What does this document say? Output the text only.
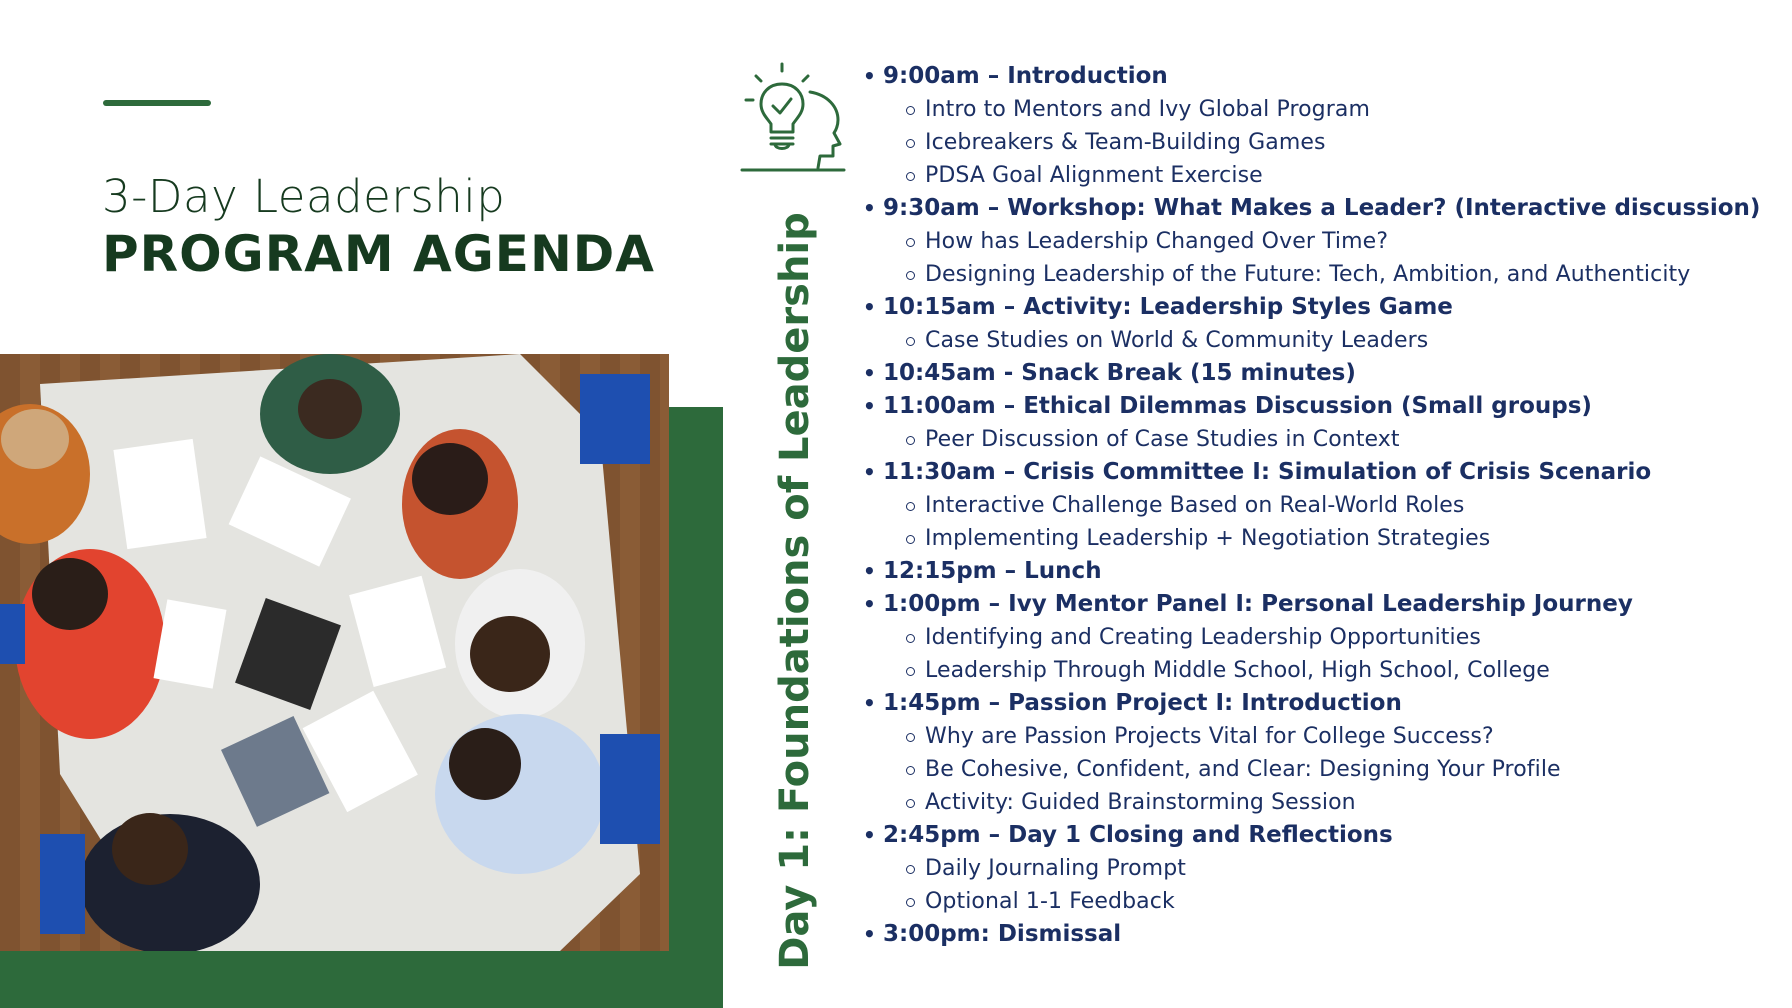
3-Day Leadership
PROGRAM AGENDA	Day 1: Foundations of Leadership
• 9:00am – Introduction
Intro to Mentors and Ivy Global Program
Icebreakers & Team-Building Games
PDSA Goal Alignment Exercise
• 9:30am – Workshop: What Makes a Leader? (Interactive discussion)
How has Leadership Changed Over Time?
Designing Leadership of the Future: Tech, Ambition, and Authenticity
• 10:15am – Activity: Leadership Styles Game
Case Studies on World & Community Leaders
• 10:45am - Snack Break (15 minutes)
• 11:00am – Ethical Dilemmas Discussion (Small groups)
Peer Discussion of Case Studies in Context
• 11:30am – Crisis Committee I: Simulation of Crisis Scenario
Interactive Challenge Based on Real-World Roles
Implementing Leadership + Negotiation Strategies
• 12:15pm – Lunch
• 1:00pm – Ivy Mentor Panel I: Personal Leadership Journey
Identifying and Creating Leadership Opportunities
Leadership Through Middle School, High School, College
• 1:45pm – Passion Project I: Introduction
Why are Passion Projects Vital for College Success?
Be Cohesive, Confident, and Clear: Designing Your Profile
Activity: Guided Brainstorming Session
• 2:45pm – Day 1 Closing and Reflections
Daily Journaling Prompt
Optional 1-1 Feedback
• 3:00pm: Dismissal
